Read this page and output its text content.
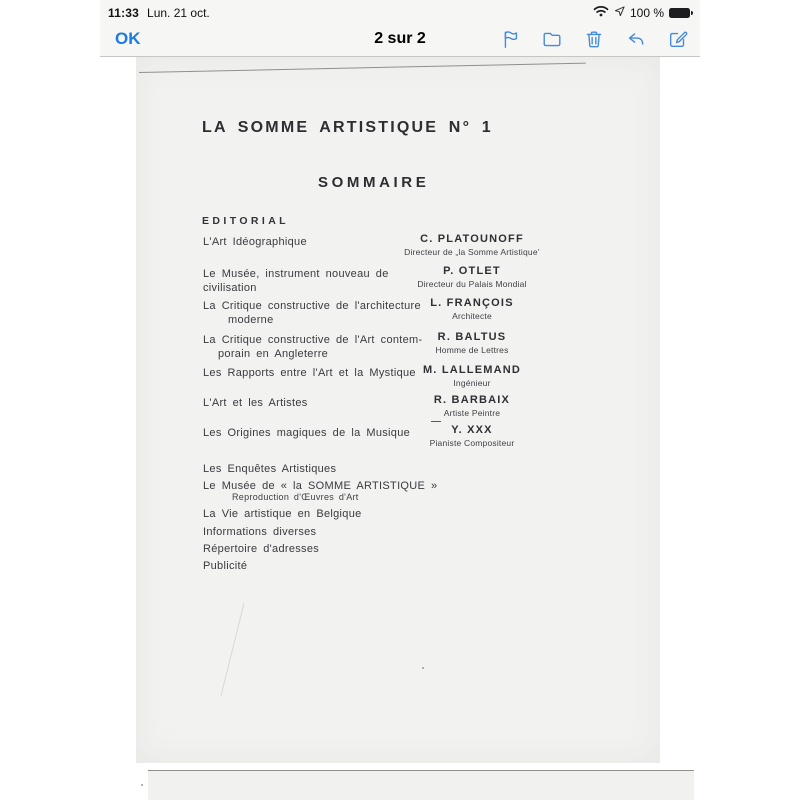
11:33 Lun. 21 oct.	100 %
OK	2 sur 2
LA SOMME ARTISTIQUE N° 1
SOMMAIRE
EDITORIAL
L'Art Idéographique
Le Musée, instrument nouveau de civilisation
La Critique constructive de l'architecture
moderne
La Critique constructive de l'Art contem-
porain en Angleterre
Les Rapports entre l'Art et la Mystique
L'Art et les Artistes
Les Origines magiques de la Musique
C. PLATOUNOFF
Directeur de „la Somme Artistique’
P. OTLET
Directeur du Palais Mondial
L. FRANÇOIS
Architecte
R. BALTUS
Homme de Lettres
M. LALLEMAND
Ingénieur
R. BARBAIX
Artiste Peintre
Y. XXX
Pianiste Compositeur
Les Enquêtes Artistiques
Le Musée de « la SOMME ARTISTIQUE »
Reproduction d'Œuvres d'Art
La Vie artistique en Belgique
Informations diverses
Répertoire d'adresses
Publicité
